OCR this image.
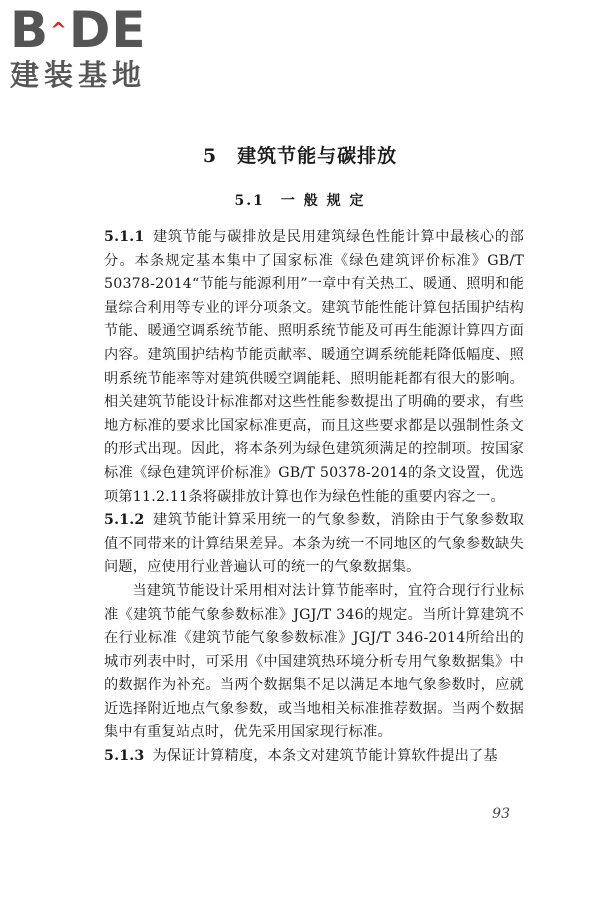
B ^ DE
建装基地
5　建筑节能与碳排放
5.1　一 般 规 定

5.1.1 建筑节能与碳排放是民用建筑绿色性能计算中最核心的部分。本条规定基本集中了国家标准《绿色建筑评价标准》GB/T 50378-2014“节能与能源利用”一章中有关热工、暖通、照明和能量综合利用等专业的评分项条文。建筑节能性能计算包括围护结构节能、暖通空调系统节能、照明系统节能及可再生能源计算四方面内容。建筑围护结构节能贡献率、暖通空调系统能耗降低幅度、照明系统节能率等对建筑供暖空调能耗、照明能耗都有很大的影响。相关建筑节能设计标准都对这些性能参数提出了明确的要求，有些地方标准的要求比国家标准更高，而且这些要求都是以强制性条文的形式出现。因此，将本条列为绿色建筑须满足的控制项。按国家标准《绿色建筑评价标准》GB/T 50378-2014的条文设置，优选项第11.2.11条将碳排放计算也作为绿色性能的重要内容之一。

5.1.2 建筑节能计算采用统一的气象参数，消除由于气象参数取值不同带来的计算结果差异。本条为统一不同地区的气象参数缺失问题，应使用行业普遍认可的统一的气象数据集。

当建筑节能设计采用相对法计算节能率时，宜符合现行行业标准《建筑节能气象参数标准》JGJ/T 346的规定。当所计算建筑不在行业标准《建筑节能气象参数标准》JGJ/T 346-2014所给出的城市列表中时，可采用《中国建筑热环境分析专用气象数据集》中的数据作为补充。当两个数据集不足以满足本地气象参数时，应就近选择附近地点气象参数，或当地相关标准推荐数据。当两个数据集中有重复站点时，优先采用国家现行标准。

5.1.3 为保证计算精度，本条文对建筑节能计算软件提出了基

93
